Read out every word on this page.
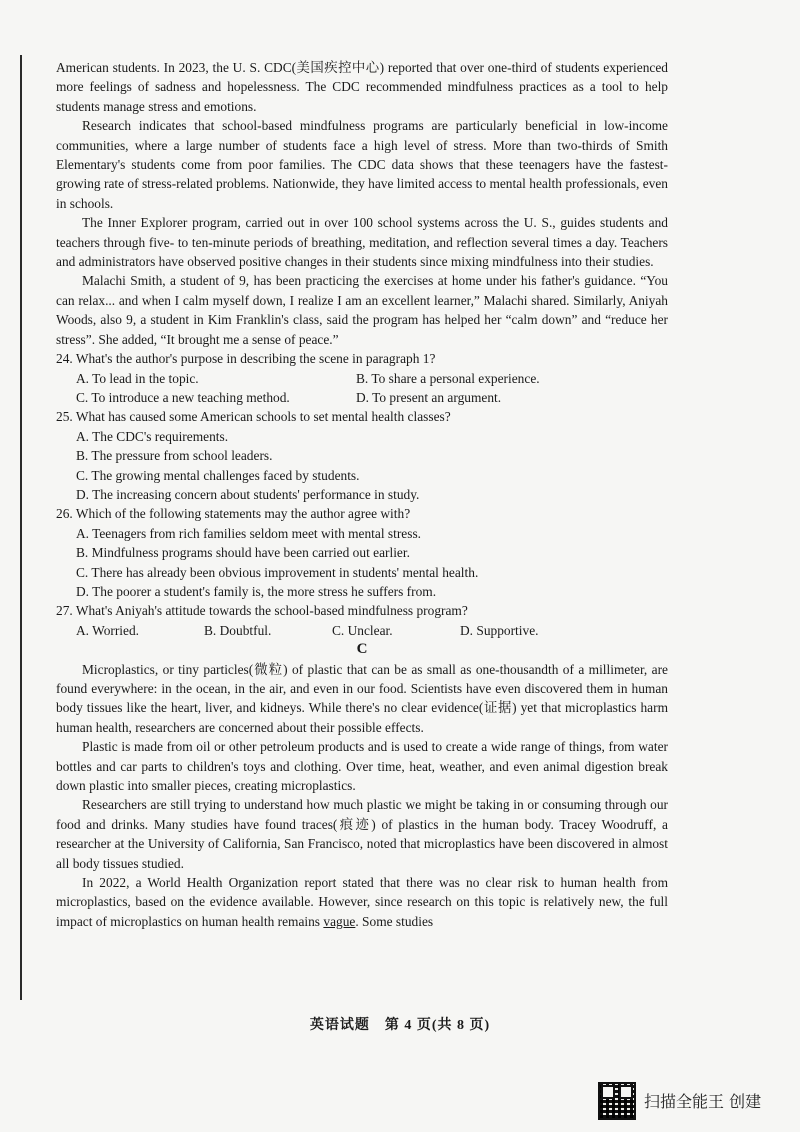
American students. In 2023, the U. S. CDC(美国疾控中心) reported that over one-third of students experienced more feelings of sadness and hopelessness. The CDC recommended mindfulness practices as a tool to help students manage stress and emotions.

Research indicates that school-based mindfulness programs are particularly beneficial in low-income communities, where a large number of students face a high level of stress. More than two-thirds of Smith Elementary's students come from poor families. The CDC data shows that these teenagers have the fastest-growing rate of stress-related problems. Nationwide, they have limited access to mental health professionals, even in schools.

The Inner Explorer program, carried out in over 100 school systems across the U. S., guides students and teachers through five- to ten-minute periods of breathing, meditation, and reflection several times a day. Teachers and administrators have observed positive changes in their students since mixing mindfulness into their studies.

Malachi Smith, a student of 9, has been practicing the exercises at home under his father's guidance. “You can relax... and when I calm myself down, I realize I am an excellent learner,” Malachi shared. Similarly, Aniyah Woods, also 9, a student in Kim Franklin's class, said the program has helped her “calm down” and “reduce her stress”. She added, “It brought me a sense of peace.”

24. What's the author's purpose in describing the scene in paragraph 1?

A. To lead in the topic.	B. To share a personal experience.
C. To introduce a new teaching method.	D. To present an argument.

25. What has caused some American schools to set mental health classes?

A. The CDC's requirements.

B. The pressure from school leaders.

C. The growing mental challenges faced by students.

D. The increasing concern about students' performance in study.

26. Which of the following statements may the author agree with?

A. Teenagers from rich families seldom meet with mental stress.

B. Mindfulness programs should have been carried out earlier.

C. There has already been obvious improvement in students' mental health.

D. The poorer a student's family is, the more stress he suffers from.

27. What's Aniyah's attitude towards the school-based mindfulness program?

A. Worried.	B. Doubtful.	C. Unclear.	D. Supportive.

C

Microplastics, or tiny particles(微粒) of plastic that can be as small as one-thousandth of a millimeter, are found everywhere: in the ocean, in the air, and even in our food. Scientists have even discovered them in human body tissues like the heart, liver, and kidneys. While there's no clear evidence(证据) yet that microplastics harm human health, researchers are concerned about their possible effects.

Plastic is made from oil or other petroleum products and is used to create a wide range of things, from water bottles and car parts to children's toys and clothing. Over time, heat, weather, and even animal digestion break down plastic into smaller pieces, creating microplastics.

Researchers are still trying to understand how much plastic we might be taking in or consuming through our food and drinks. Many studies have found traces(痕迹) of plastics in the human body. Tracey Woodruff, a researcher at the University of California, San Francisco, noted that microplastics have been discovered in almost all body tissues studied.

In 2022, a World Health Organization report stated that there was no clear risk to human health from microplastics, based on the evidence available. However, since research on this topic is relatively new, the full impact of microplastics on human health remains vague. Some studies

英语试题　第 4 页(共 8 页)
扫描全能王 创建
